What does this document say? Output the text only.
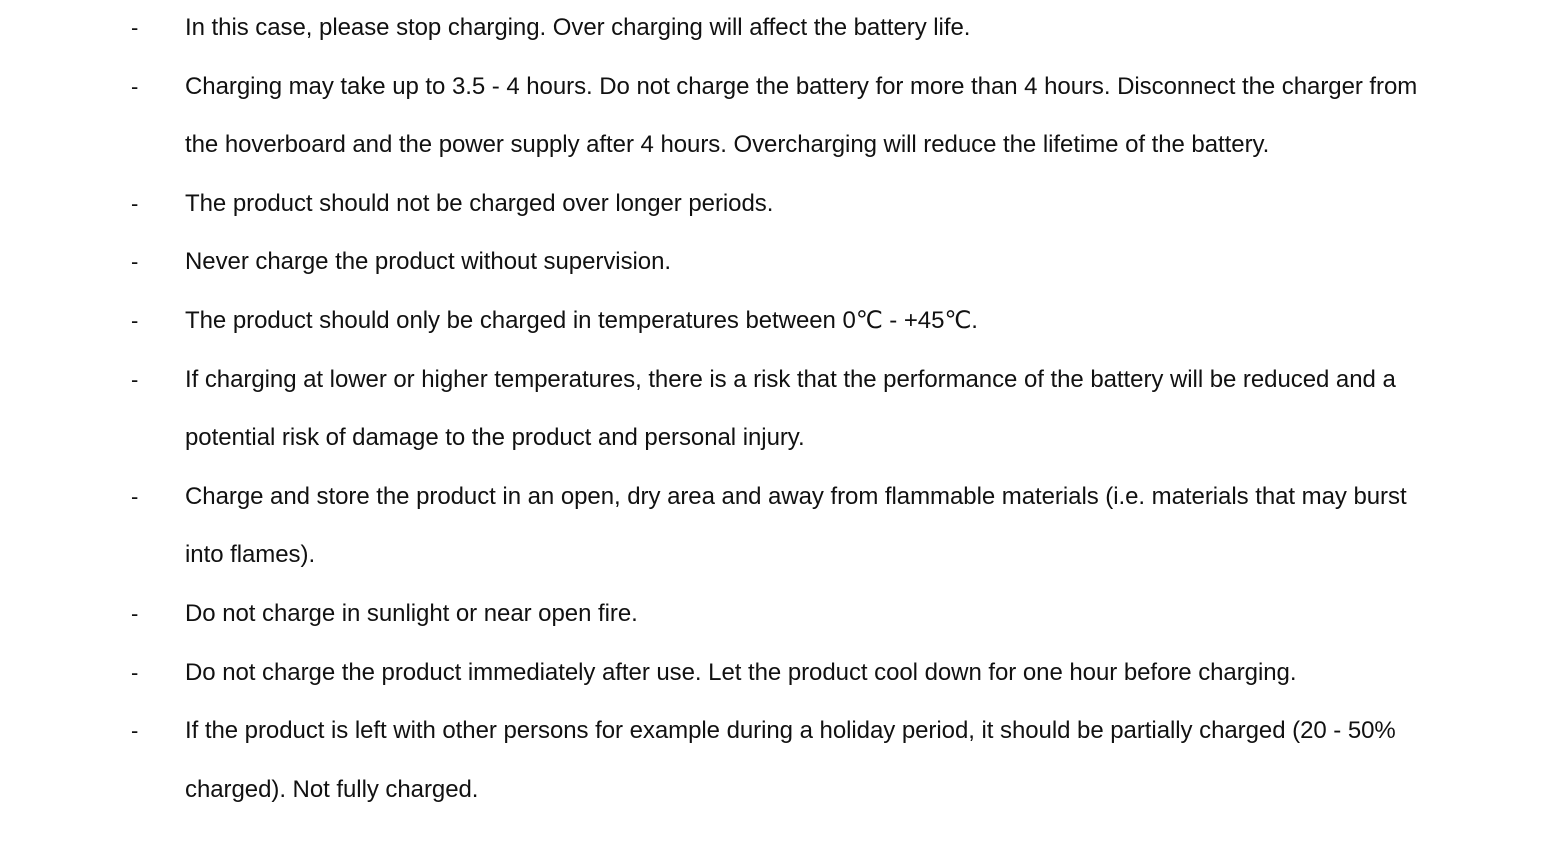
-	In this case, please stop charging. Over charging will affect the battery life.
-	Charging may take up to 3.5 - 4 hours. Do not charge the battery for more than 4 hours. Disconnect the charger from the hoverboard and the power supply after 4 hours. Overcharging will reduce the lifetime of the battery.
-	The product should not be charged over longer periods.
-	Never charge the product without supervision.
-	The product should only be charged in temperatures between 0℃ - +45℃.
-	If charging at lower or higher temperatures, there is a risk that the performance of the battery will be reduced and a potential risk of damage to the product and personal injury.
-	Charge and store the product in an open, dry area and away from flammable materials (i.e. materials that may burst into flames).
-	Do not charge in sunlight or near open fire.
-	Do not charge the product immediately after use. Let the product cool down for one hour before charging.
-	If the product is left with other persons for example during a holiday period, it should be partially charged (20 - 50% charged). Not fully charged.
